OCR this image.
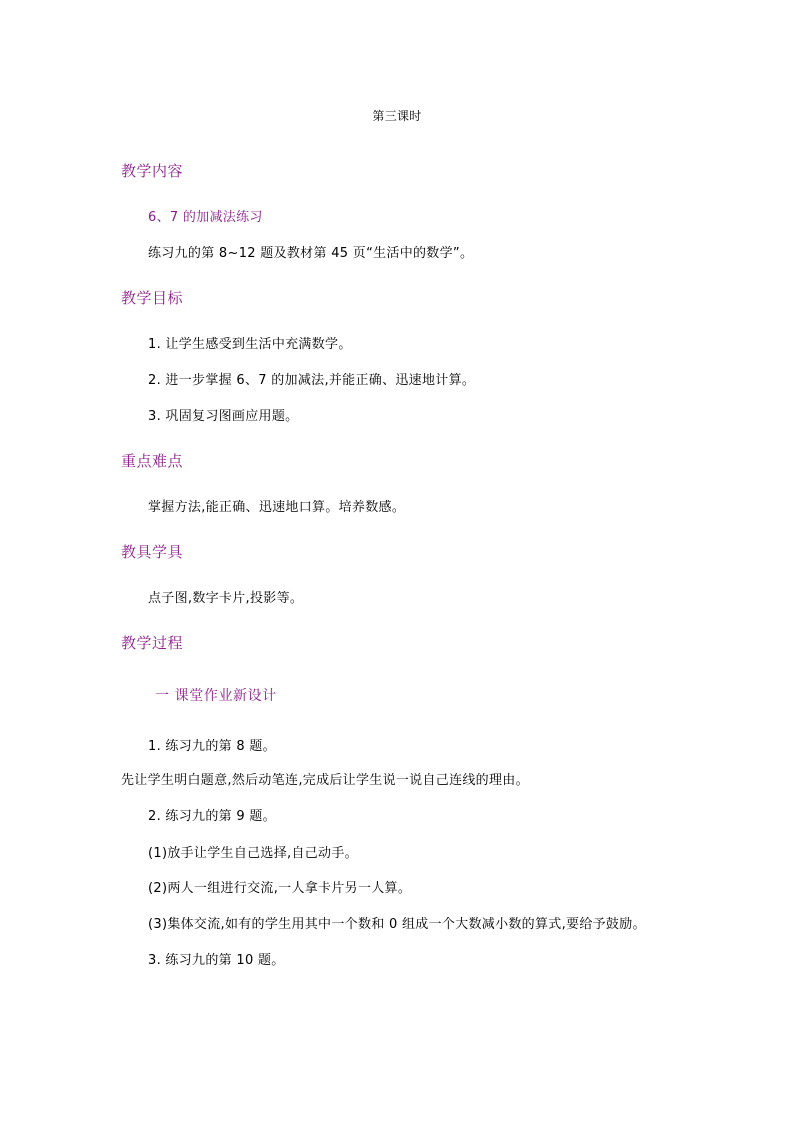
第三课时
教学内容
6、7 的加减法练习
练习九的第 8~12 题及教材第 45 页“生活中的数学”。
教学目标
1. 让学生感受到生活中充满数学。
2. 进一步掌握 6、7 的加减法,并能正确、迅速地计算。
3. 巩固复习图画应用题。
重点难点
掌握方法,能正确、迅速地口算。培养数感。
教具学具
点子图,数字卡片,投影等。
教学过程
一 课堂作业新设计
1. 练习九的第 8 题。
先让学生明白题意,然后动笔连,完成后让学生说一说自己连线的理由。
2. 练习九的第 9 题。
(1)放手让学生自己选择,自己动手。
(2)两人一组进行交流,一人拿卡片另一人算。
(3)集体交流,如有的学生用其中一个数和 0 组成一个大数减小数的算式,要给予鼓励。
3. 练习九的第 10 题。
